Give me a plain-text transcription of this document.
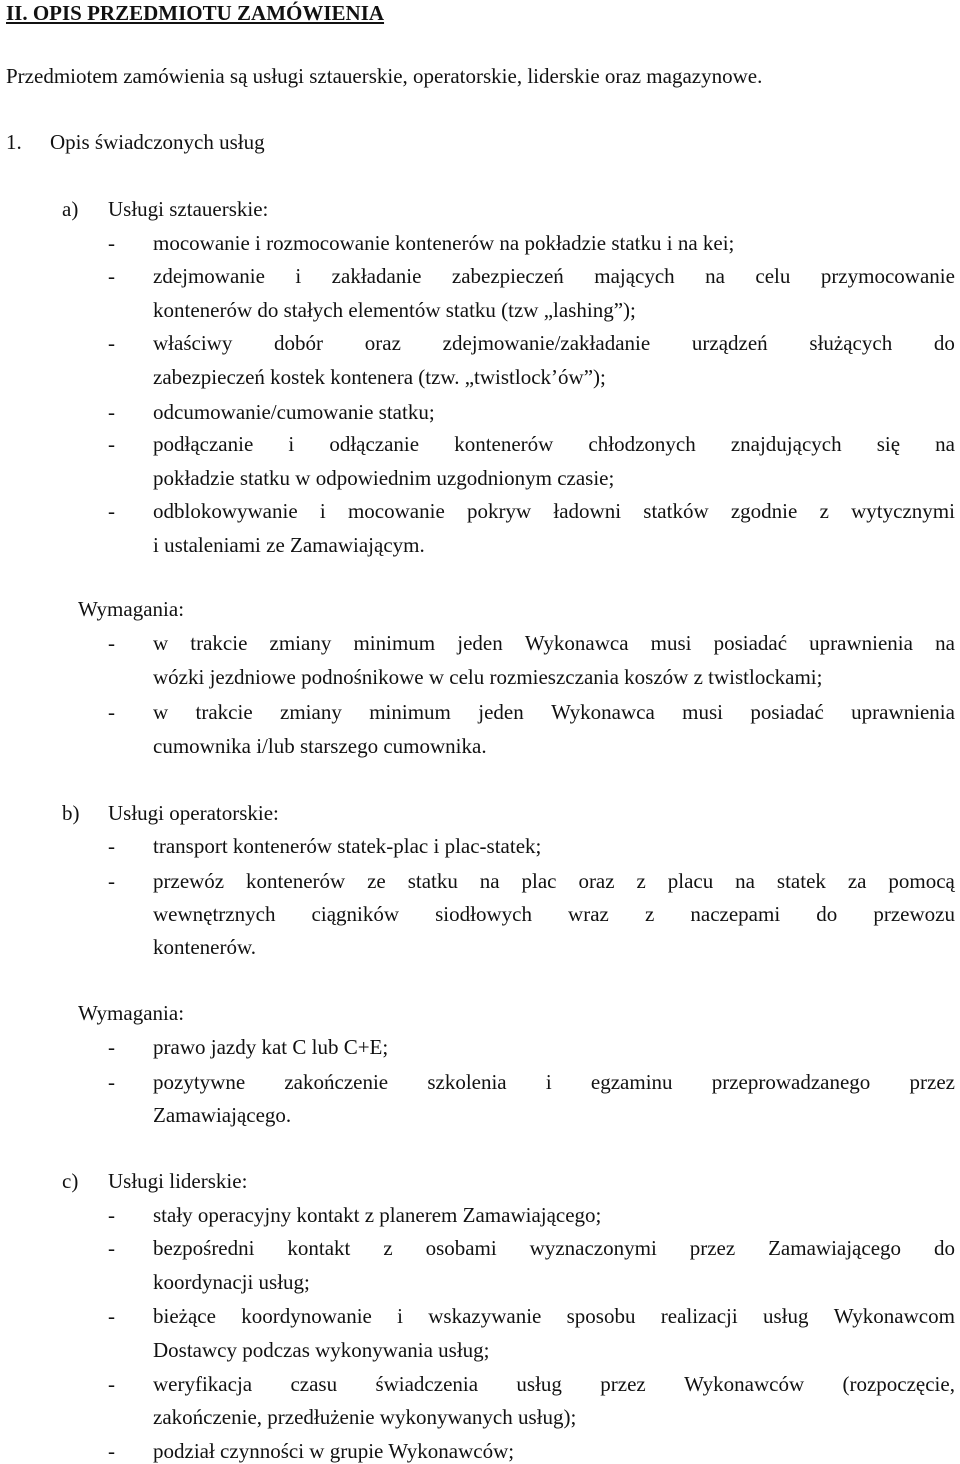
II. OPIS PRZEDMIOTU ZAMÓWIENIA
Przedmiotem zamówienia są usługi sztauerskie, operatorskie, liderskie oraz magazynowe.
1. Opis świadczonych usług
a) Usługi sztauerskie:
- mocowanie i rozmocowanie kontenerów na pokładzie statku i na kei;
- zdejmowanie i zakładanie zabezpieczeń mających na celu przymocowanie
kontenerów do stałych elementów statku (tzw „lashing”);
- właściwy dobór oraz zdejmowanie/zakładanie urządzeń służących do
zabezpieczeń kostek kontenera (tzw. „twistlock’ów”);
- odcumowanie/cumowanie statku;
- podłączanie i odłączanie kontenerów chłodzonych znajdujących się na
pokładzie statku w odpowiednim uzgodnionym czasie;
- odblokowywanie i mocowanie pokryw ładowni statków zgodnie z wytycznymi
i ustaleniami ze Zamawiającym.
Wymagania:
- w trakcie zmiany minimum jeden Wykonawca musi posiadać uprawnienia na
wózki jezdniowe podnośnikowe w celu rozmieszczania koszów z twistlockami;
- w trakcie zmiany minimum jeden Wykonawca musi posiadać uprawnienia
cumownika i/lub starszego cumownika.
b) Usługi operatorskie:
- transport kontenerów statek-plac i plac-statek;
- przewóz kontenerów ze statku na plac oraz z placu na statek za pomocą
wewnętrznych ciągników siodłowych wraz z naczepami do przewozu
kontenerów.
Wymagania:
- prawo jazdy kat C lub C+E;
- pozytywne zakończenie szkolenia i egzaminu przeprowadzanego przez
Zamawiającego.
c) Usługi liderskie:
- stały operacyjny kontakt z planerem Zamawiającego;
- bezpośredni kontakt z osobami wyznaczonymi przez Zamawiającego do
koordynacji usług;
- bieżące koordynowanie i wskazywanie sposobu realizacji usług Wykonawcom
Dostawcy podczas wykonywania usług;
- weryfikacja czasu świadczenia usług przez Wykonawców (rozpoczęcie,
zakończenie, przedłużenie wykonywanych usług);
- podział czynności w grupie Wykonawców;
